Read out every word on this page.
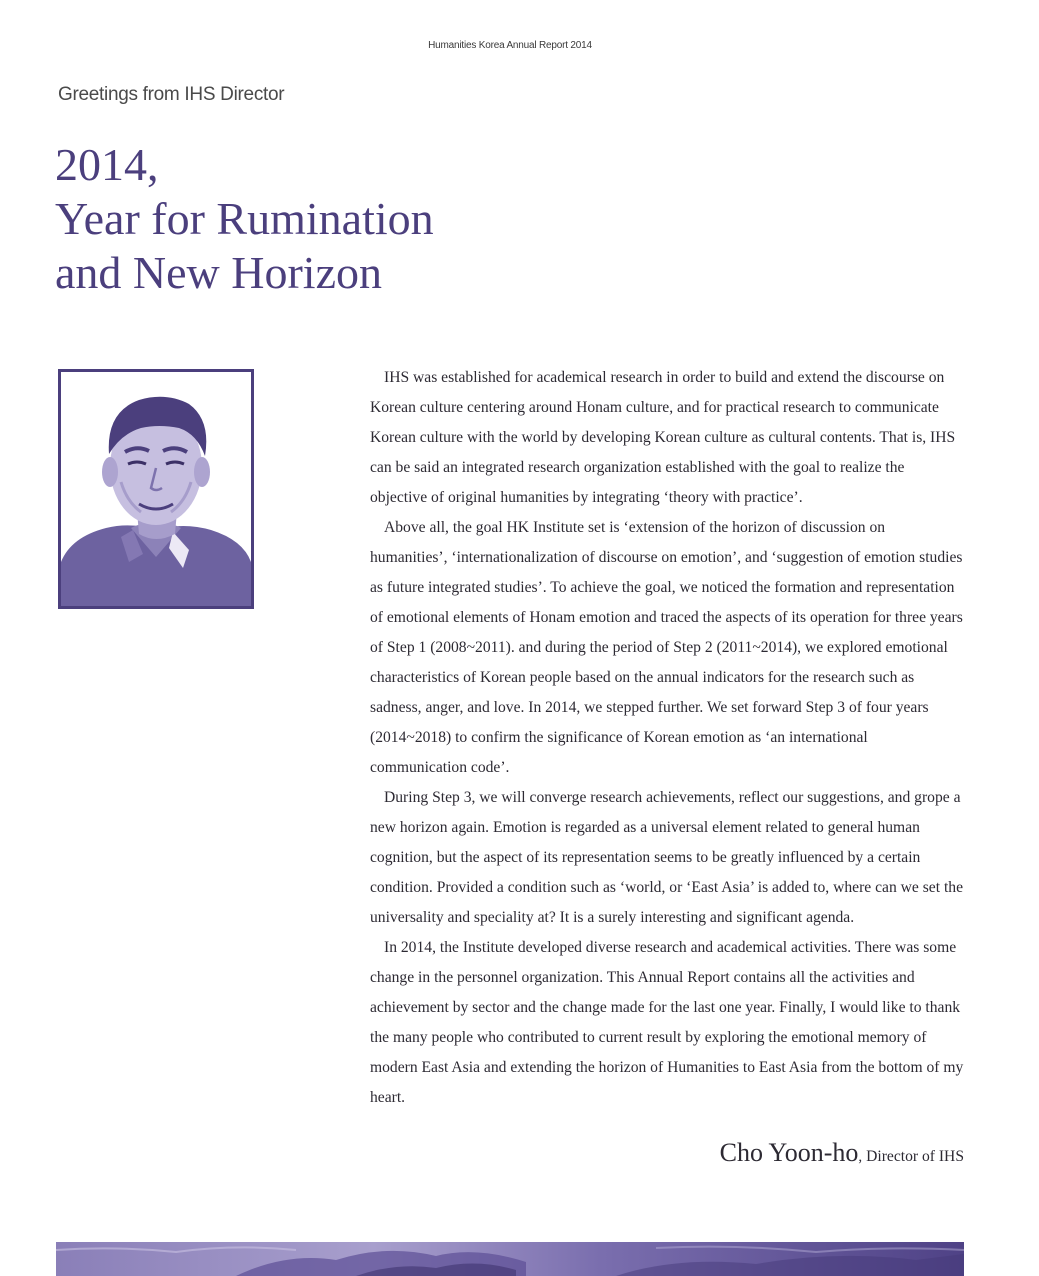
Humanities Korea Annual Report 2014
Greetings from IHS Director
2014,
Year for Rumination
and New Horizon

IHS was established for academical research in order to build and extend the discourse on Korean culture centering around Honam culture, and for practical research to communicate Korean culture with the world by developing Korean culture as cultural contents. That is, IHS can be said an integrated research organization established with the goal to realize the objective of original humanities by integrating ‘theory with practice’.

Above all, the goal HK Institute set is ‘extension of the horizon of discussion on humanities’, ‘internationalization of discourse on emotion’, and ‘suggestion of emotion studies as future integrated studies’. To achieve the goal, we noticed the formation and representation of emotional elements of Honam emotion and traced the aspects of its operation for three years of Step 1 (2008~2011). and during the period of Step 2 (2011~2014), we explored emotional characteristics of Korean people based on the annual indicators for the research such as sadness, anger, and love. In 2014, we stepped further. We set forward Step 3 of four years (2014~2018) to confirm the significance of Korean emotion as ‘an international communication code’.

During Step 3, we will converge research achievements, reflect our suggestions, and grope a new horizon again. Emotion is regarded as a universal element related to general human cognition, but the aspect of its representation seems to be greatly influenced by a certain condition. Provided a condition such as ‘world, or ‘East Asia’ is added to, where can we set the universality and speciality at? It is a surely interesting and significant agenda.

In 2014, the Institute developed diverse research and academical activities. There was some change in the personnel organization. This Annual Report contains all the activities and achievement by sector and the change made for the last one year. Finally, I would like to thank the many people who contributed to current result by exploring the emotional memory of modern East Asia and extending the horizon of Humanities to East Asia from the bottom of my heart.

Cho Yoon-ho, Director of IHS
